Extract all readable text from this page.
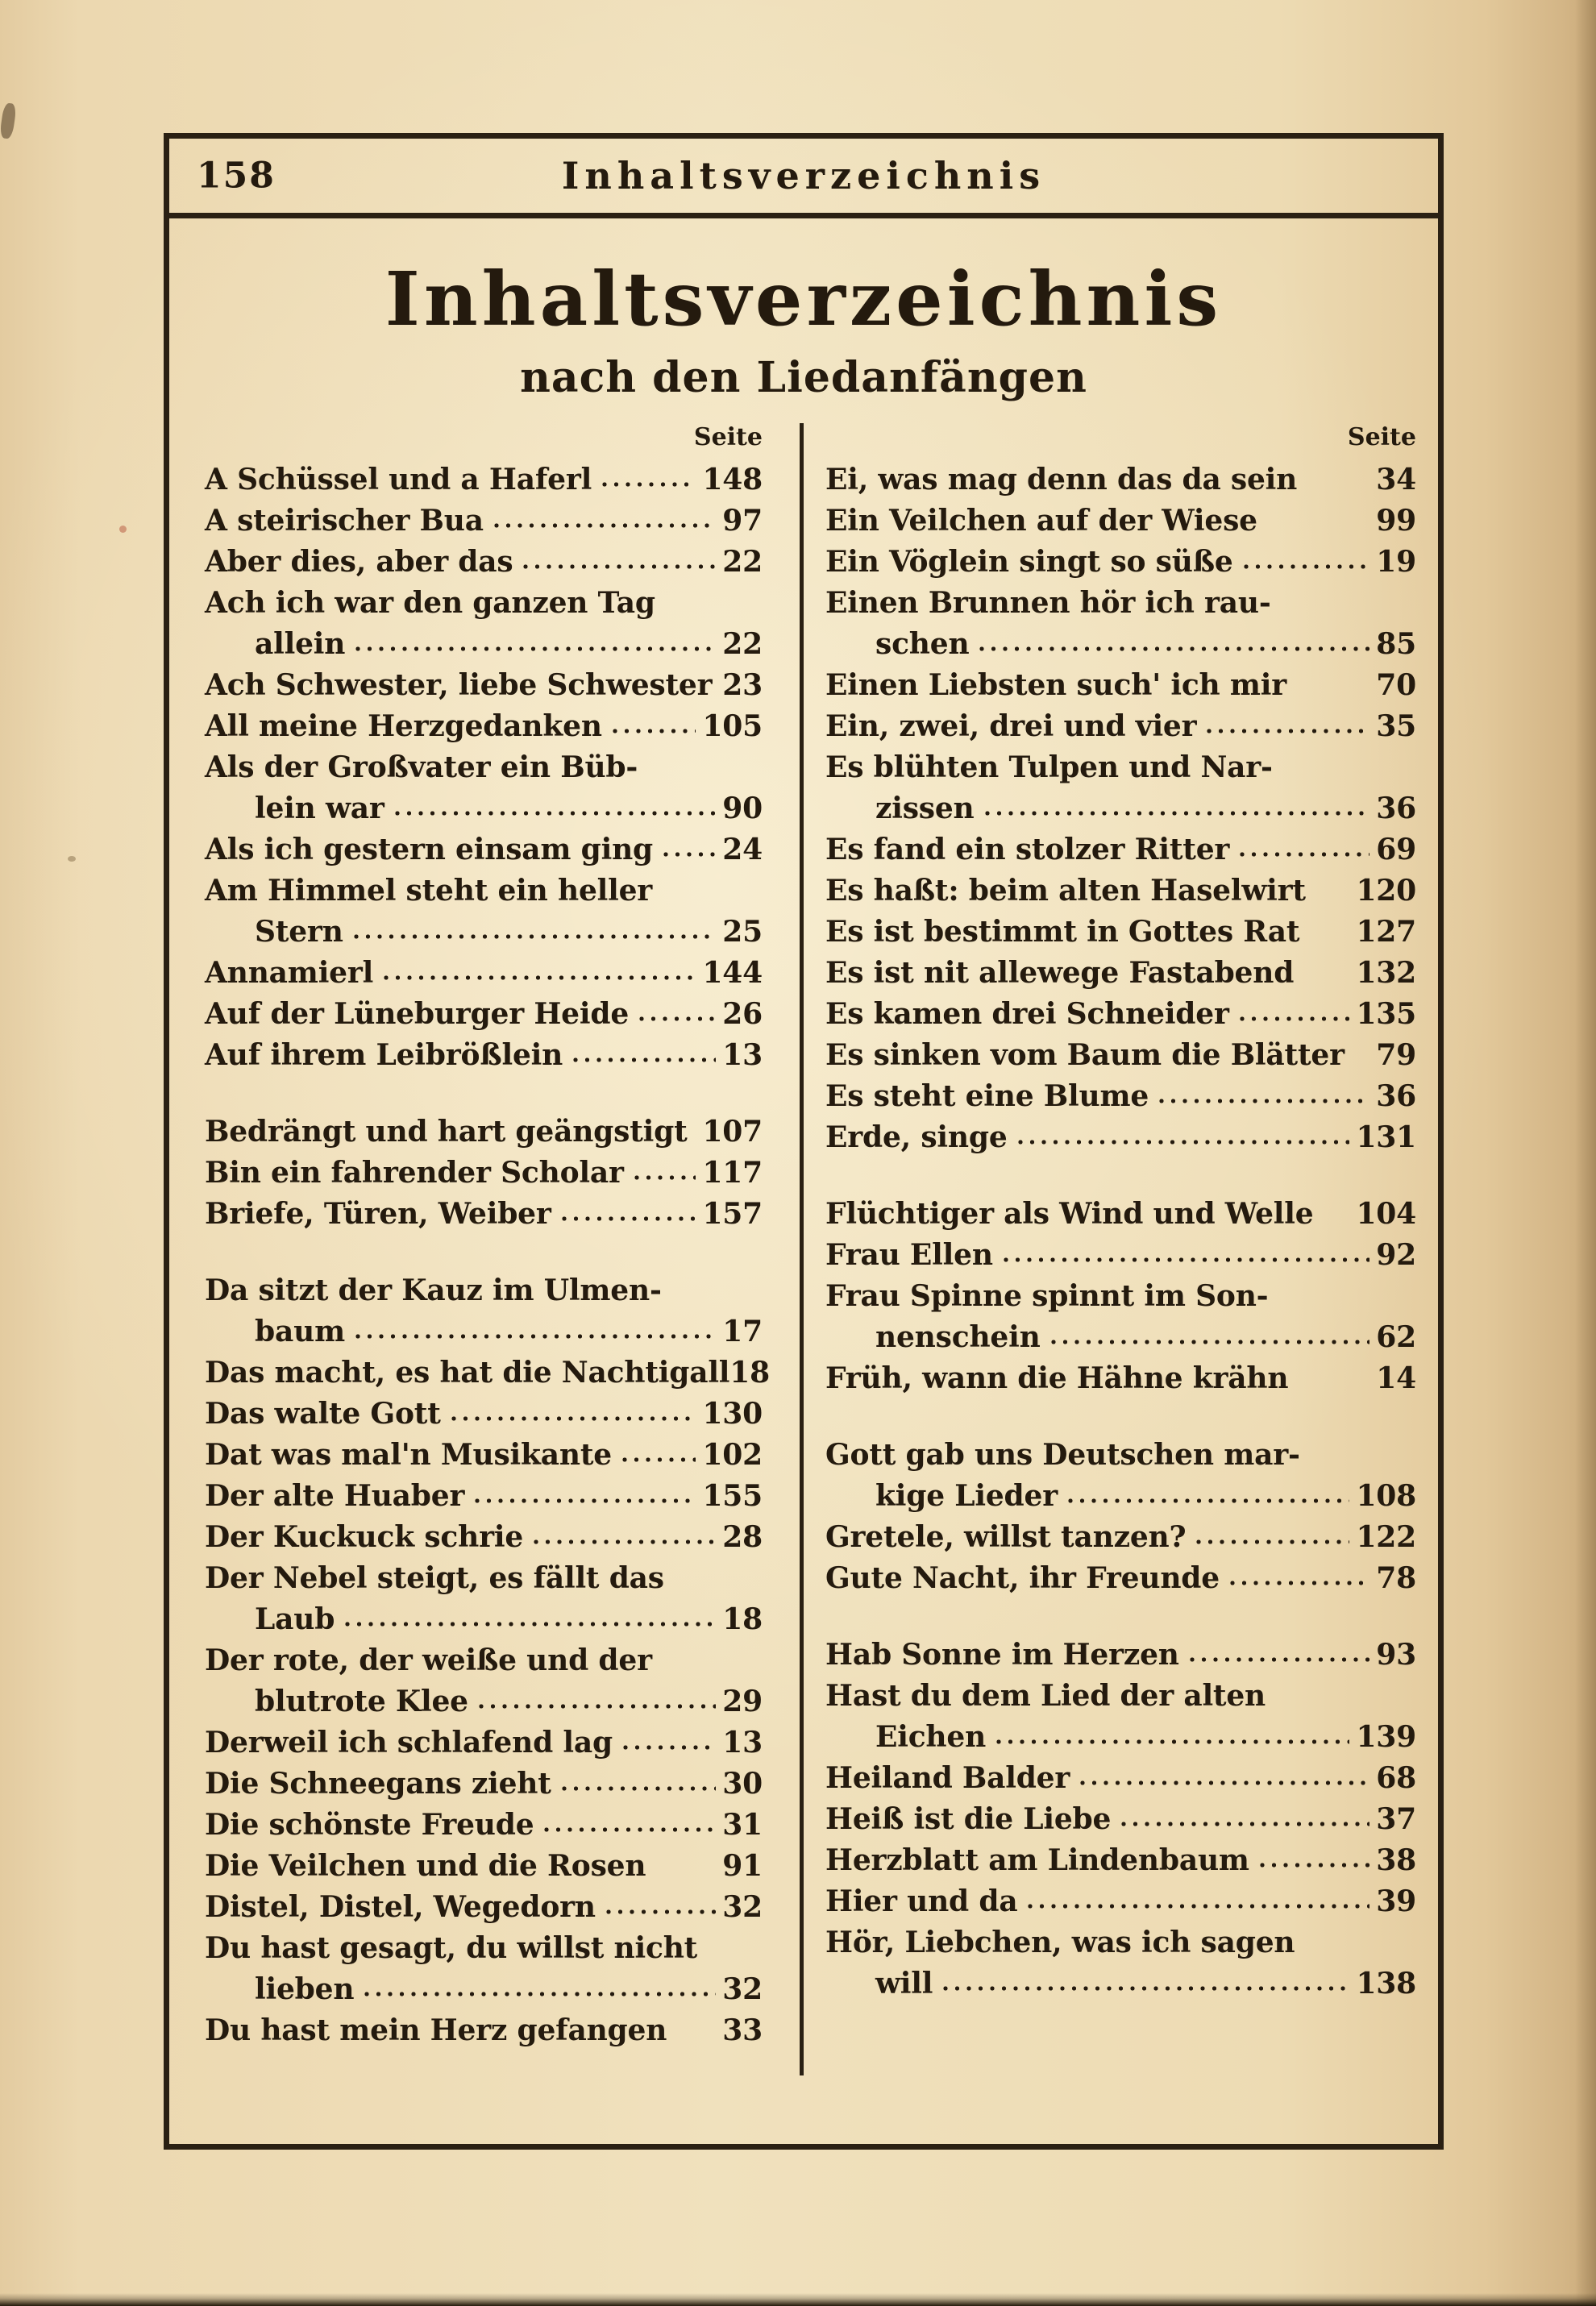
158	Inhaltsverzeichnis
Inhaltsverzeichnis
nach den Liedanfängen
Seite
A Schüssel und a Haferl	148
A steirischer Bua	97
Aber dies, aber das	22
Ach ich war den ganzen Tag
allein	22
Ach Schwester, liebe Schwester 23
All meine Herzgedanken	105
Als der Großvater ein Büb-
lein war	90
Als ich gestern einsam ging 24
Am Himmel steht ein heller
Stern	25
Annamierl	144
Auf der Lüneburger Heide	26
Auf ihrem Leibrößlein	13
Bedrängt und hart geängstigt 107
Bin ein fahrender Scholar	117
Briefe, Türen, Weiber	157
Da sitzt der Kauz im Ulmen-
baum	17
Das macht, es hat die Nachtigall 18
Das walte Gott	130
Dat was mal'n Musikante	102
Der alte Huaber	155
Der Kuckuck schrie	28
Der Nebel steigt, es fällt das
Laub	18
Der rote, der weiße und der
blutrote Klee	29
Derweil ich schlafend lag	13
Die Schneegans zieht	30
Die schönste Freude	31
Die Veilchen und die Rosen	91
Distel, Distel, Wegedorn	32
Du hast gesagt, du willst nicht
lieben	32
Du hast mein Herz gefangen 33
Seite
Ei, was mag denn das da sein	34
Ein Veilchen auf der Wiese	99
Ein Vöglein singt so süße	19
Einen Brunnen hör ich rau-
schen	85
Einen Liebsten such' ich mir	70
Ein, zwei, drei und vier	35
Es blühten Tulpen und Nar-
zissen	36
Es fand ein stolzer Ritter	69
Es haßt: beim alten Haselwirt 120
Es ist bestimmt in Gottes Rat 127
Es ist nit allewege Fastabend 132
Es kamen drei Schneider	135
Es sinken vom Baum die Blätter 79
Es steht eine Blume	36
Erde, singe	131
Flüchtiger als Wind und Welle 104
Frau Ellen	92
Frau Spinne spinnt im Son-
nenschein	62
Früh, wann die Hähne krähn	14
Gott gab uns Deutschen mar-
kige Lieder	108
Gretele, willst tanzen?	122
Gute Nacht, ihr Freunde	78
Hab Sonne im Herzen	93
Hast du dem Lied der alten
Eichen	139
Heiland Balder	68
Heiß ist die Liebe	37
Herzblatt am Lindenbaum	38
Hier und da	39
Hör, Liebchen, was ich sagen
will	138
